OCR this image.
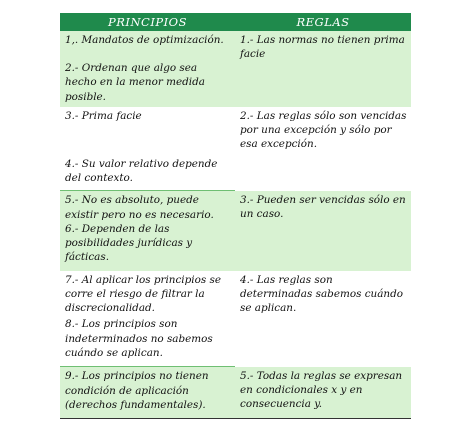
PRINCIPIOS	REGLAS

1,. Mandatos de optimización.
2.- Ordenan que algo sea hecho en la menor medida posible.	1.- Las normas no tienen prima facie

3.- Prima facie
4.- Su valor relativo depende del contexto.	2.- Las reglas sólo son vencidas por una excepción y sólo por esa excepción.

5.- No es absoluto, puede existir pero no es necesario.
6.- Dependen de las posibilidades jurídicas y fácticas.	3.- Pueden ser vencidas sólo en un caso.

7.- Al aplicar los principios se corre el riesgo de filtrar la discrecionalidad.
8.- Los principios son indeterminados no sabemos cuándo se aplican.	4.- Las reglas son determinadas sabemos cuándo se aplican.

9.- Los principios no tienen condición de aplicación (derechos fundamentales).	5.- Todas la reglas se expresan en condicionales x y en consecuencia y.
